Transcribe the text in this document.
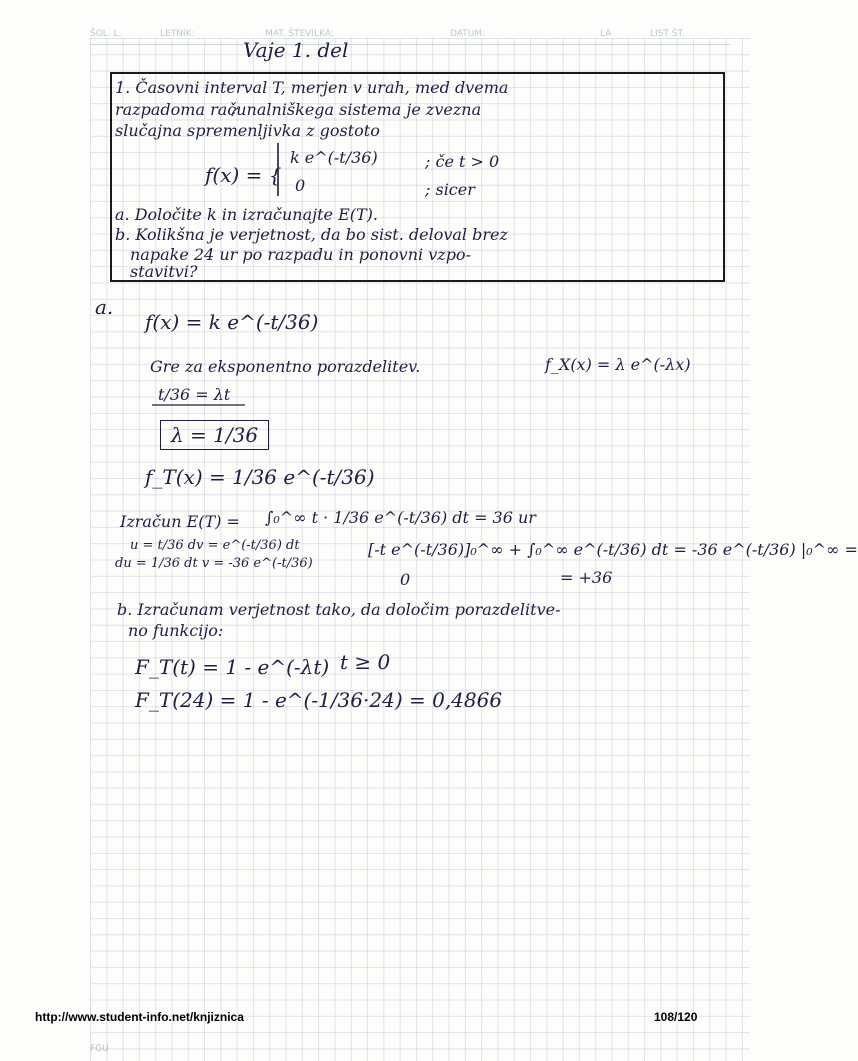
ŠOL. L.	LETNIK:	MAT. ŠTEVILKA:	DATUM:	LA	LIST ŠT.
Vaje 1. del
1. Časovni interval T, merjen v urah, med dvema
razpadoma računalniškega sistema je zvezna
slučajna spremenljivka z gostoto
f(x) = {
k e^(-t/36)	; če t > 0
0	; sicer
a. Določite k in izračunajte E(T).
b. Kolikšna je verjetnost, da bo sist. deloval brez
napake 24 ur po razpadu in ponovni vzpo-
stavitvi?
a.
f(x) = k e^(-t/36)
Gre za eksponentno porazdelitev.	f_X(x) = λ e^(-λx)
t/36 = λt
λ = 1/36
f_T(x) = 1/36 e^(-t/36)
Izračun E(T) = ∫₀^∞ t · 1/36 e^(-t/36) dt = 36 ur
u = t/36 dv = e^(-t/36) dt
du = 1/36 dt v = -36 e^(-t/36)
[-t e^(-t/36)]₀^∞ + ∫₀^∞ e^(-t/36) dt = -36 e^(-t/36) |₀^∞ =
0	= +36
b. Izračunam verjetnost tako, da določim porazdelitve-
no funkcijo:
F_T(t) = 1 - e^(-λt) t ≥ 0
F_T(24) = 1 - e^(-1/36·24) = 0,4866
http://www.student-info.net/knjiznica	108/120
FGU
